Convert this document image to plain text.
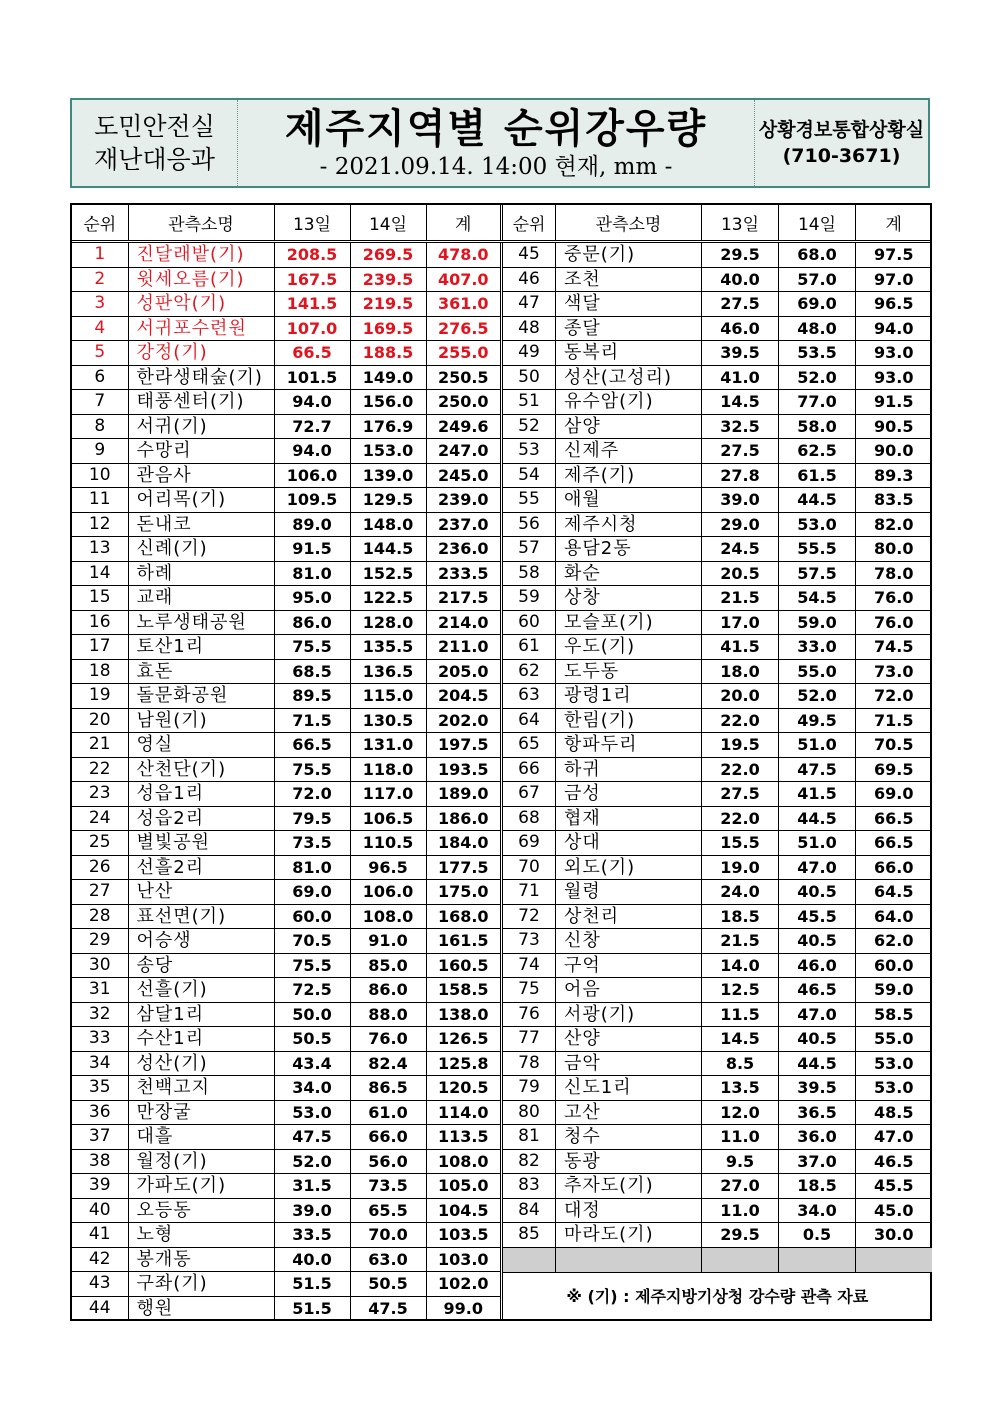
도민안전실
재난대응과
제주지역별 순위강우량
- 2021.09.14. 14:00 현재, mm -
상황경보통합상황실
(710-3671)
순위	관측소명	13일	14일	계
1	진달래밭(기)	208.5	269.5	478.0
2	윗세오름(기)	167.5	239.5	407.0
3	성판악(기)	141.5	219.5	361.0
4	서귀포수련원	107.0	169.5	276.5
5	강정(기)	66.5	188.5	255.0
6	한라생태숲(기)	101.5	149.0	250.5
7	태풍센터(기)	94.0	156.0	250.0
8	서귀(기)	72.7	176.9	249.6
9	수망리	94.0	153.0	247.0
10	관음사	106.0	139.0	245.0
11	어리목(기)	109.5	129.5	239.0
12	돈내코	89.0	148.0	237.0
13	신례(기)	91.5	144.5	236.0
14	하례	81.0	152.5	233.5
15	교래	95.0	122.5	217.5
16	노루생태공원	86.0	128.0	214.0
17	토산1리	75.5	135.5	211.0
18	효돈	68.5	136.5	205.0
19	돌문화공원	89.5	115.0	204.5
20	남원(기)	71.5	130.5	202.0
21	영실	66.5	131.0	197.5
22	산천단(기)	75.5	118.0	193.5
23	성읍1리	72.0	117.0	189.0
24	성읍2리	79.5	106.5	186.0
25	별빛공원	73.5	110.5	184.0
26	선흘2리	81.0	96.5	177.5
27	난산	69.0	106.0	175.0
28	표선면(기)	60.0	108.0	168.0
29	어승생	70.5	91.0	161.5
30	송당	75.5	85.0	160.5
31	선흘(기)	72.5	86.0	158.5
32	삼달1리	50.0	88.0	138.0
33	수산1리	50.5	76.0	126.5
34	성산(기)	43.4	82.4	125.8
35	천백고지	34.0	86.5	120.5
36	만장굴	53.0	61.0	114.0
37	대흘	47.5	66.0	113.5
38	월정(기)	52.0	56.0	108.0
39	가파도(기)	31.5	73.5	105.0
40	오등동	39.0	65.5	104.5
41	노형	33.5	70.0	103.5
42	봉개동	40.0	63.0	103.0
43	구좌(기)	51.5	50.5	102.0
44	행원	51.5	47.5	99.0
순위	관측소명	13일	14일	계
45	중문(기)	29.5	68.0	97.5
46	조천	40.0	57.0	97.0
47	색달	27.5	69.0	96.5
48	종달	46.0	48.0	94.0
49	동복리	39.5	53.5	93.0
50	성산(고성리)	41.0	52.0	93.0
51	유수암(기)	14.5	77.0	91.5
52	삼양	32.5	58.0	90.5
53	신제주	27.5	62.5	90.0
54	제주(기)	27.8	61.5	89.3
55	애월	39.0	44.5	83.5
56	제주시청	29.0	53.0	82.0
57	용담2동	24.5	55.5	80.0
58	화순	20.5	57.5	78.0
59	상창	21.5	54.5	76.0
60	모슬포(기)	17.0	59.0	76.0
61	우도(기)	41.5	33.0	74.5
62	도두동	18.0	55.0	73.0
63	광령1리	20.0	52.0	72.0
64	한림(기)	22.0	49.5	71.5
65	항파두리	19.5	51.0	70.5
66	하귀	22.0	47.5	69.5
67	금성	27.5	41.5	69.0
68	협재	22.0	44.5	66.5
69	상대	15.5	51.0	66.5
70	외도(기)	19.0	47.0	66.0
71	월령	24.0	40.5	64.5
72	상천리	18.5	45.5	64.0
73	신창	21.5	40.5	62.0
74	구억	14.0	46.0	60.0
75	어음	12.5	46.5	59.0
76	서광(기)	11.5	47.0	58.5
77	산양	14.5	40.5	55.0
78	금악	8.5	44.5	53.0
79	신도1리	13.5	39.5	53.0
80	고산	12.0	36.5	48.5
81	청수	11.0	36.0	47.0
82	동광	9.5	37.0	46.5
83	추자도(기)	27.0	18.5	45.5
84	대정	11.0	34.0	45.0
85	마라도(기)	29.5	0.5	30.0

※ (기) : 제주지방기상청 강수량 관측 자료				
